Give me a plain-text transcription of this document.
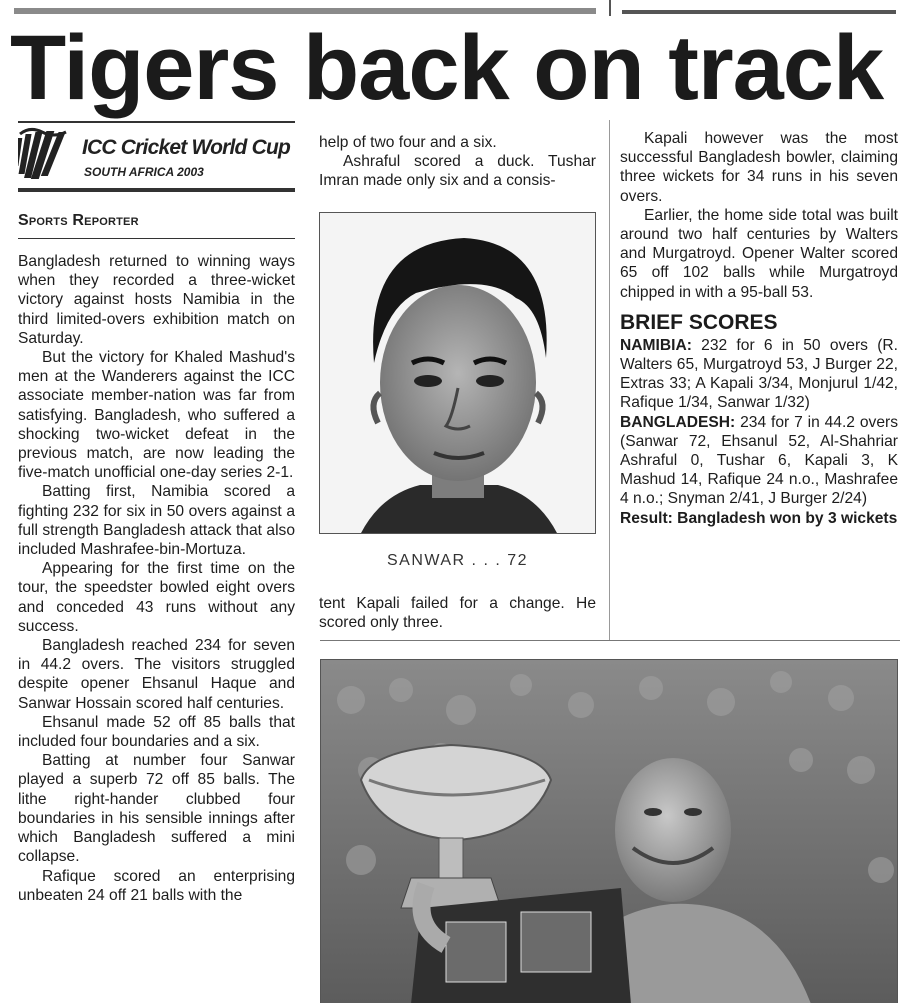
Tigers back on track
ICC Cricket World Cup
SOUTH AFRICA 2003
Sports Reporter

Bangladesh returned to winning ways when they recorded a three-wicket victory against hosts Namibia in the third limited-overs exhibition match on Saturday.

But the victory for Khaled Mashud's men at the Wanderers against the ICC associate member-nation was far from satisfying. Bangladesh, who suffered a shocking two-wicket defeat in the previous match, are now leading the five-match unofficial one-day series 2-1.

Batting first, Namibia scored a fighting 232 for six in 50 overs against a full strength Bangladesh attack that also included Mashrafee-bin-Mortuza.

Appearing for the first time on the tour, the speedster bowled eight overs and conceded 43 runs without any success.

Bangladesh reached 234 for seven in 44.2 overs. The visitors struggled despite opener Ehsanul Haque and Sanwar Hossain scored half centuries.

Ehsanul made 52 off 85 balls that included four boundaries and a six.

Batting at number four Sanwar played a superb 72 off 85 balls. The lithe right-hander clubbed four boundaries in his sensible innings after which Bangladesh suffered a mini collapse.

Rafique scored an enterprising unbeaten 24 off 21 balls with the

help of two four and a six.

Ashraful scored a duck. Tushar Imran made only six and a consis-

SANWAR . . . 72

tent Kapali failed for a change. He scored only three.

Kapali however was the most successful Bangladesh bowler, claiming three wickets for 34 runs in his seven overs.

Earlier, the home side total was built around two half centuries by Walters and Murgatroyd. Opener Walter scored 65 off 102 balls while Murgatroyd chipped in with a 95-ball 53.

BRIEF SCORES

NAMIBIA: 232 for 6 in 50 overs (R. Walters 65, Murgatroyd 53, J Burger 22, Extras 33; A Kapali 3/34, Monjurul 1/42, Rafique 1/34, Sanwar 1/32)

BANGLADESH: 234 for 7 in 44.2 overs (Sanwar 72, Ehsanul 52, Al-Shahriar Ashraful 0, Tushar 6, Kapali 3, K Mashud 14, Rafique 24 n.o., Mashrafee 4 n.o.; Snyman 2/41, J Burger 2/24)

Result: Bangladesh won by 3 wickets
